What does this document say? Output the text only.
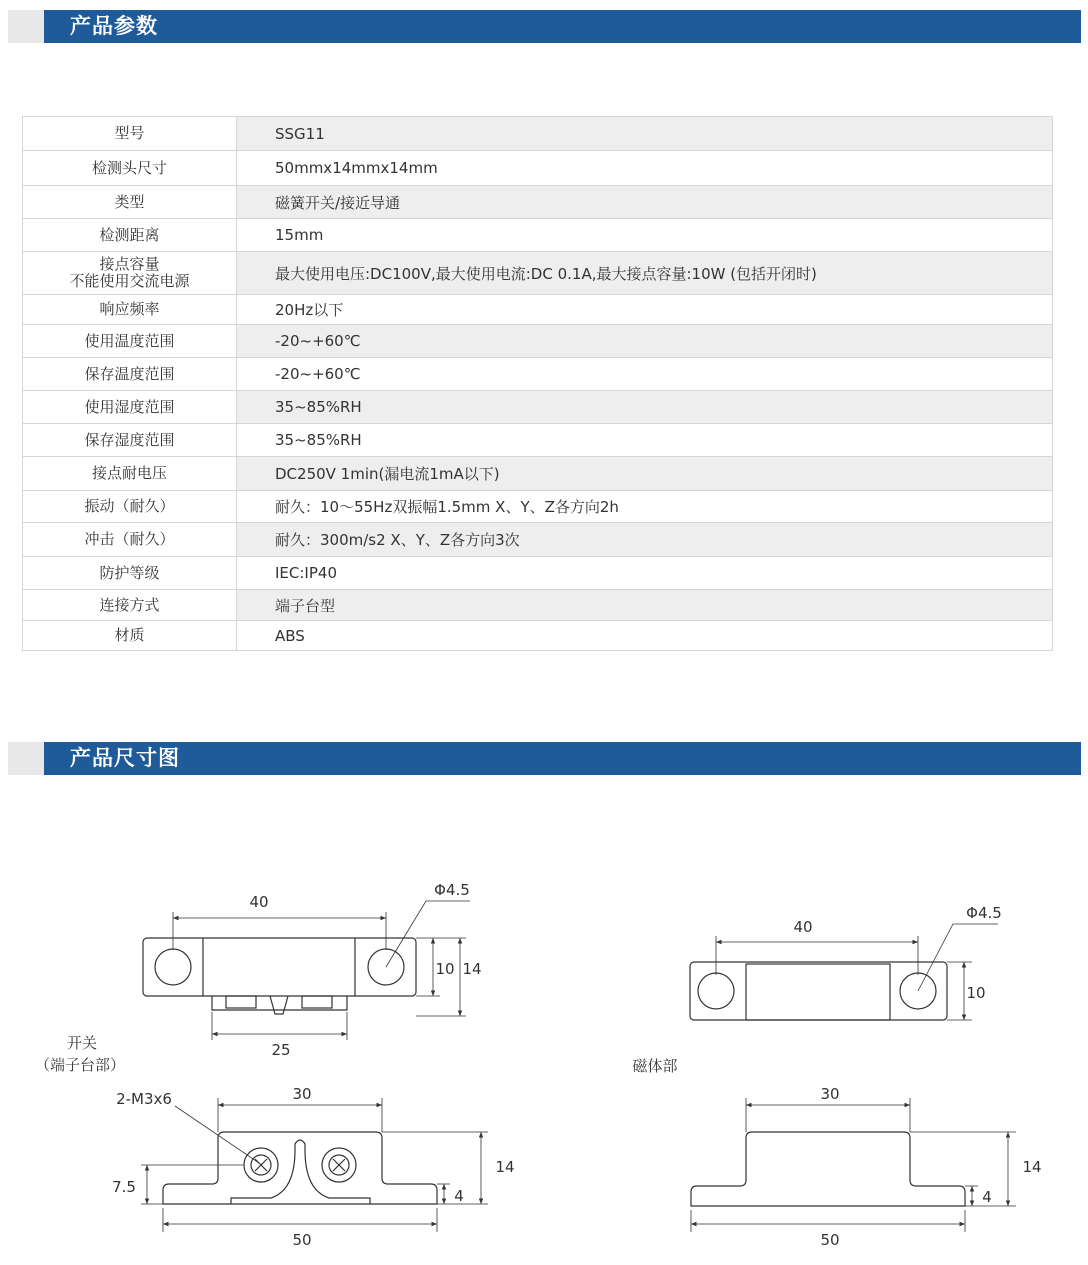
产品参数
型号	SSG11
检测头尺寸	50mmx14mmx14mm
类型	磁簧开关/接近导通
检测距离	15mm

接点容量
不能使用交流电源	最大使用电压:DC100V,最大使用电流:DC 0.1A,最大接点容量:10W (包括开闭时)
响应频率	20Hz以下
使用温度范围	-20~+60℃
保存温度范围	-20~+60℃
使用湿度范围	35~85%RH
保存湿度范围	35~85%RH
接点耐电压	DC250V 1min(漏电流1mA以下)
振动（耐久）	耐久：10～55Hz双振幅1.5mm X、Y、Z各方向2h
冲击（耐久）	耐久：300m/s2 X、Y、Z各方向3次
防护等级	IEC:IP40
连接方式	端子台型
材质	ABS
产品尺寸图
40
Φ4.5
10 14
25
开关
（端子台部）
40
Φ4.5
10
磁体部
2-M3x6	30
7.5	4
14
50
30
4
14
50
